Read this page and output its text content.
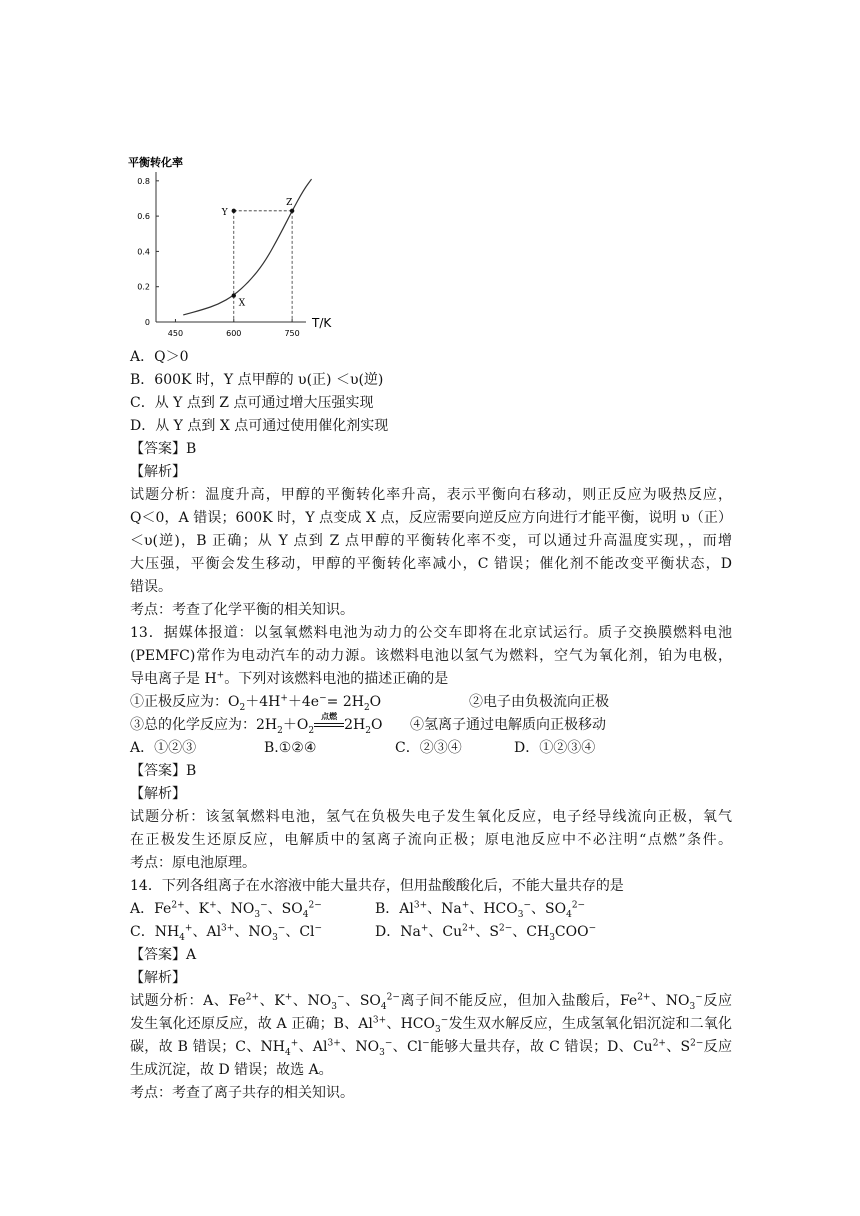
平衡转化率
0
0.2
0.4
0.6
0.8
450	600	750
Y
Z
X
T/K
A．Q＞0
B．600K 时，Y 点甲醇的 υ(正) ＜υ(逆)
C．从 Y 点到 Z 点可通过增大压强实现
D．从 Y 点到 X 点可通过使用催化剂实现
【答案】B
【解析】
试题分析：温度升高，甲醇的平衡转化率升高，表示平衡向右移动，则正反应为吸热反应，
Q＜0，A 错误；600K 时，Y 点变成 X 点，反应需要向逆反应方向进行才能平衡，说明 υ（正）
＜υ(逆)，B 正确；从 Y 点到 Z 点甲醇的平衡转化率不变，可以通过升高温度实现，，而增
大压强，平衡会发生移动，甲醇的平衡转化率减小，C 错误；催化剂不能改变平衡状态，D
错误。
考点：考查了化学平衡的相关知识。
13．据媒体报道：以氢氧燃料电池为动力的公交车即将在北京试运行。质子交换膜燃料电池
(PEMFC)常作为电动汽车的动力源。该燃料电池以氢气为燃料，空气为氧化剂，铂为电极，
导电离子是 H+。下列对该燃料电池的描述正确的是
①正极反应为：$O_2+4H^++4e^-= 2H_2O$	②电子由负极流向正极
③总的化学反应为：$2H_2+O_2$
点燃
$2H_2O$ ④氢离子通过电解质向正极移动
A．①②③	B.①②④	C．②③④	D．①②③④
【答案】B
【解析】
试题分析：该氢氧燃料电池，氢气在负极失电子发生氧化反应，电子经导线流向正极，氧气
在正极发生还原反应，电解质中的氢离子流向正极；原电池反应中不必注明“点燃”条件。
考点：原电池原理。
14．下列各组离子在水溶液中能大量共存，但用盐酸酸化后，不能大量共存的是
A．$Fe^{2+}$、K+、$NO_3^-$、$SO_4^{2-}$	B．$Al^{3+}$、Na+、$HCO_3^-$、$SO_4^{2-}$
C．$NH_4^+$、$Al^{3+}$、$NO_3^-$、Cl−	D．Na+、$Cu^{2+}$、$S^{2-}$、$CH_3COO^-$
【答案】A
【解析】
试题分析：A、$Fe^{2+}$、K+、$NO_3^-$、$SO_4^{2-}$离子间不能反应，但加入盐酸后，$Fe^{2+}$、$NO_3^-$反应
发生氧化还原反应，故 A 正确；B、$Al^{3+}$、$HCO_3^-$发生双水解反应，生成氢氧化铝沉淀和二氧化
碳，故 B 错误；C、$NH_4^+$、$Al^{3+}$、$NO_3^-$、Cl−能够大量共存，故 C 错误；D、$Cu^{2+}$、$S^{2-}$反应
生成沉淀，故 D 错误；故选 A。
考点：考查了离子共存的相关知识。
